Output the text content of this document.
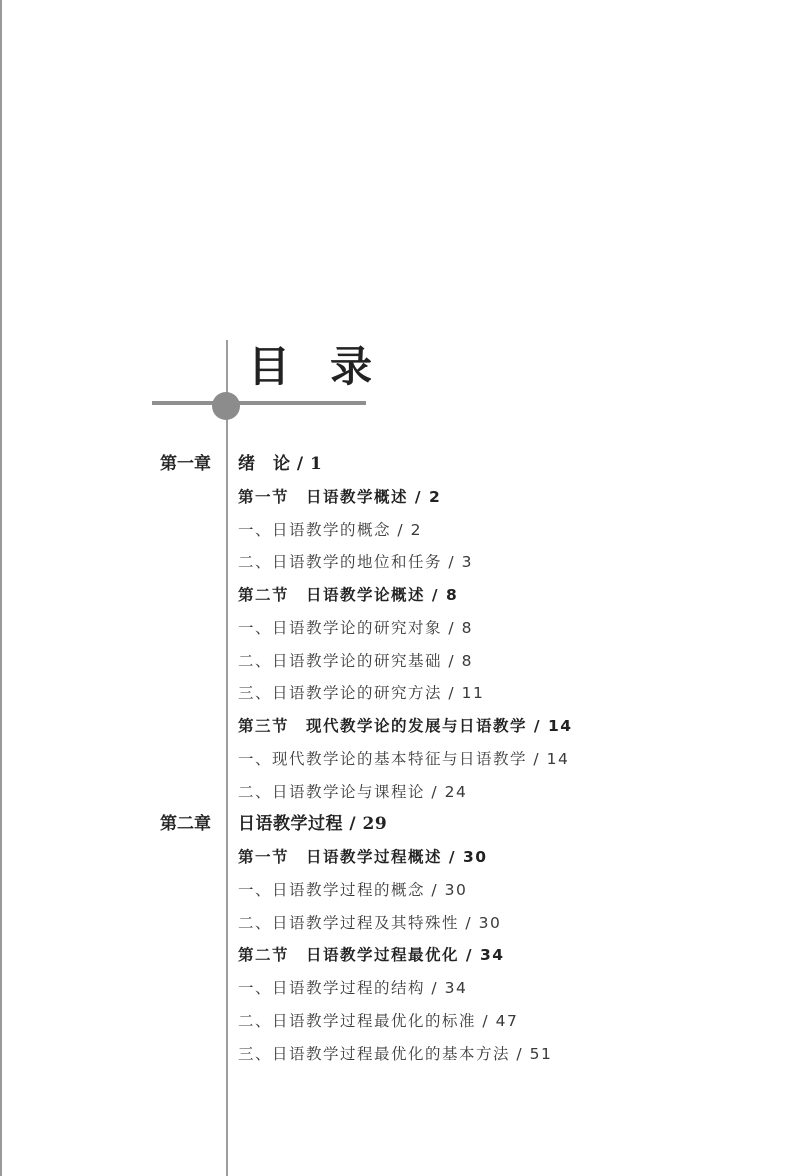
目 录
第一章 绪　论 / 1
第一节　日语教学概述 / 2
一、日语教学的概念 / 2
二、日语教学的地位和任务 / 3
第二节　日语教学论概述 / 8
一、日语教学论的研究对象 / 8
二、日语教学论的研究基础 / 8
三、日语教学论的研究方法 / 11
第三节　现代教学论的发展与日语教学 / 14
一、现代教学论的基本特征与日语教学 / 14
二、日语教学论与课程论 / 24
第二章 日语教学过程 / 29
第一节　日语教学过程概述 / 30
一、日语教学过程的概念 / 30
二、日语教学过程及其特殊性 / 30
第二节　日语教学过程最优化 / 34
一、日语教学过程的结构 / 34
二、日语教学过程最优化的标准 / 47
三、日语教学过程最优化的基本方法 / 51
